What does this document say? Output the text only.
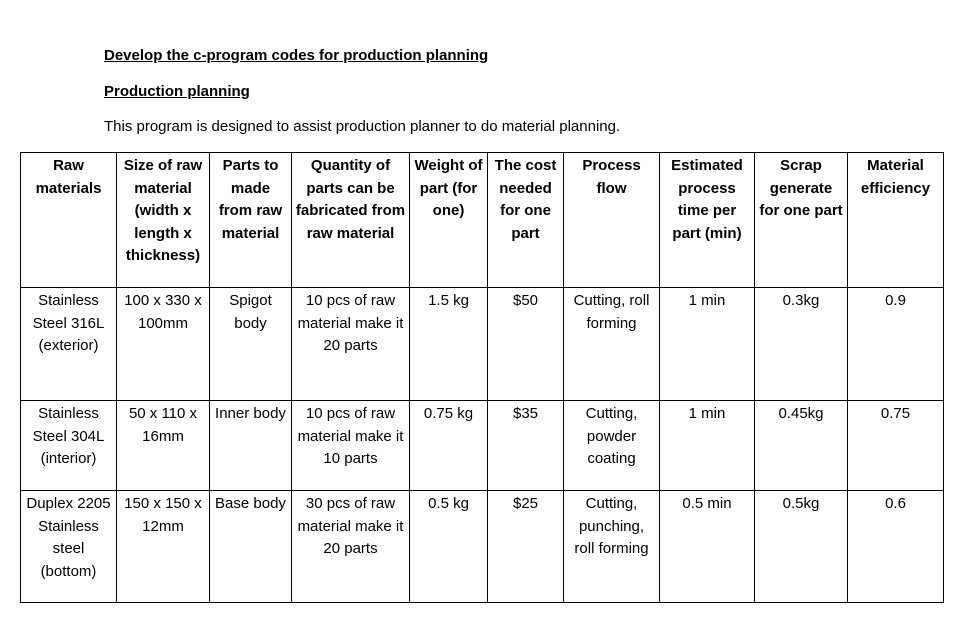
Develop the c-program codes for production planning

Production planning

This program is designed to assist production planner to do material planning.

Raw materials	Size of raw material (width x length x thickness)	Parts to made from raw material	Quantity of parts can be fabricated from raw material	Weight of part (for one)	The cost needed for one part	Process flow	Estimated process time per part (min)	Scrap generate for one part	Material efficiency
Stainless Steel 316L (exterior)	100 x 330 x 100mm	Spigot body	10 pcs of raw material make it 20 parts	1.5 kg	$50	Cutting, roll forming	1 min	0.3kg	0.9
Stainless Steel 304L (interior)	50 x 110 x 16mm	Inner body	10 pcs of raw material make it 10 parts	0.75 kg	$35	Cutting, powder coating	1 min	0.45kg	0.75
Duplex 2205 Stainless steel (bottom)	150 x 150 x 12mm	Base body	30 pcs of raw material make it 20 parts	0.5 kg	$25	Cutting, punching, roll forming	0.5 min	0.5kg	0.6
